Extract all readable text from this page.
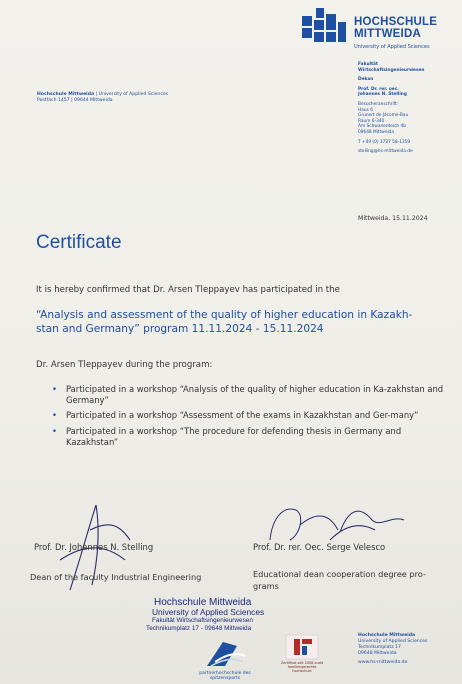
HOCHSCHULE
MITTWEIDA
University of Applied Sciences
Hochschule Mittweida | University of Applied Sciences
Postfach 1457 | 09644 Mittweida
Fakultät
Wirtschaftsingenieurwesen
Dekan
Prof. Dr. rer. oec.
Johannes N. Stelling
Besucheranschrift:
Haus 6
Grunert de Jácome-Bau
Raum 6-340
Am Schwanenteich 4b
09648 Mittweida
T +49 (0) 3727 58-1359
stelling@hs-mittweida.de
Mittweida, 15.11.2024
Certificate
It is hereby confirmed that Dr. Arsen Tleppayev has participated in the
“Analysis and assessment of the quality of higher education in Kazakh-
stan and Germany” program 11.11.2024 - 15.11.2024
Dr. Arsen Tleppayev during the program:
• Participated in a workshop “Analysis of the quality of higher education in Ka-zakhstan and Germany”
• Participated in a workshop “Assessment of the exams in Kazakhstan and Ger-many”
• Participated in a workshop “The procedure for defending thesis in Germany and Kazakhstan”
Prof. Dr. Johannes N. Stelling
Dean of the faculty Industrial Engineering
Prof. Dr. rer. Oec. Serge Velesco
Educational dean cooperation degree pro-grams
Hochschule Mittweida
University of Applied Sciences
Fakultät Wirtschaftsingenieurwesen
Technikumplatz 17 - 09648 Mittweida
partnerhochschule des spitzensports
Zertifikat seit 2008 audit familiengerechte hochschule
Hochschule Mittweida
University of Applied Sciences
Technikumplatz 17
09648 Mittweida
www.hs-mittweida.de
